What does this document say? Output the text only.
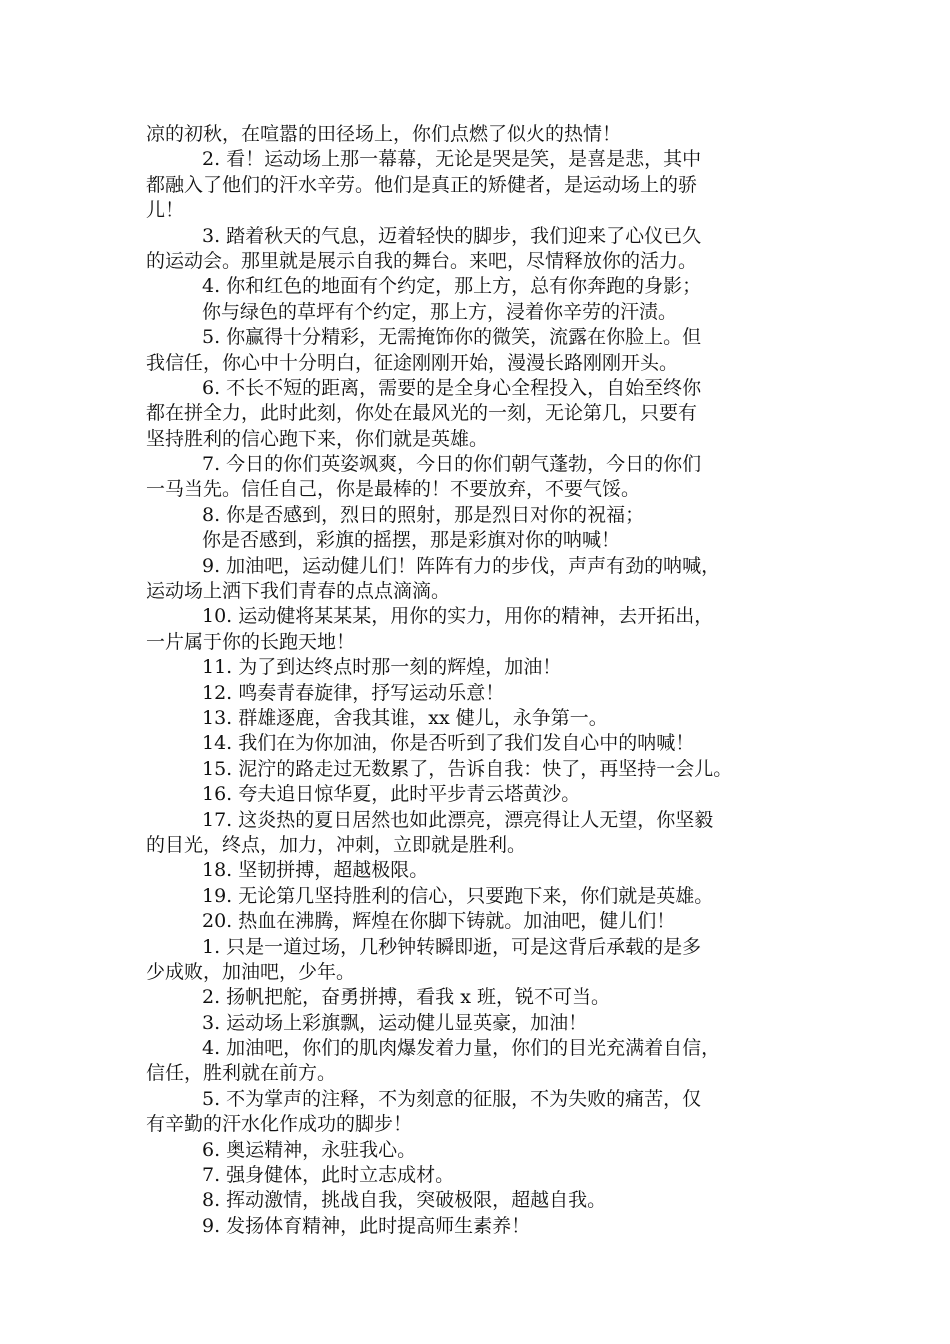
凉的初秋，在喧嚣的田径场上，你们点燃了似火的热情！
2. 看！运动场上那一幕幕，无论是哭是笑，是喜是悲，其中
都融入了他们的汗水辛劳。他们是真正的矫健者，是运动场上的骄
儿！
3. 踏着秋天的气息，迈着轻快的脚步，我们迎来了心仪已久
的运动会。那里就是展示自我的舞台。来吧，尽情释放你的活力。
4. 你和红色的地面有个约定，那上方，总有你奔跑的身影；
你与绿色的草坪有个约定，那上方，浸着你辛劳的汗渍。
5. 你赢得十分精彩，无需掩饰你的微笑，流露在你脸上。但
我信任，你心中十分明白，征途刚刚开始，漫漫长路刚刚开头。
6. 不长不短的距离，需要的是全身心全程投入，自始至终你
都在拼全力，此时此刻，你处在最风光的一刻，无论第几，只要有
坚持胜利的信心跑下来，你们就是英雄。
7. 今日的你们英姿飒爽，今日的你们朝气蓬勃，今日的你们
一马当先。信任自己，你是最棒的！不要放弃，不要气馁。
8. 你是否感到，烈日的照射，那是烈日对你的祝福；
你是否感到，彩旗的摇摆，那是彩旗对你的呐喊！
9. 加油吧，运动健儿们！阵阵有力的步伐，声声有劲的呐喊，
运动场上洒下我们青春的点点滴滴。
10. 运动健将某某某，用你的实力，用你的精神，去开拓出，
一片属于你的长跑天地！
11. 为了到达终点时那一刻的辉煌，加油！
12. 鸣奏青春旋律，抒写运动乐意！
13. 群雄逐鹿，舍我其谁，xx 健儿，永争第一。
14. 我们在为你加油，你是否听到了我们发自心中的呐喊！
15. 泥泞的路走过无数累了，告诉自我：快了，再坚持一会儿。
16. 夸夫追日惊华夏，此时平步青云塔黄沙。
17. 这炎热的夏日居然也如此漂亮，漂亮得让人无望，你坚毅
的目光，终点，加力，冲刺，立即就是胜利。
18. 坚韧拼搏，超越极限。
19. 无论第几坚持胜利的信心，只要跑下来，你们就是英雄。
20. 热血在沸腾，辉煌在你脚下铸就。加油吧，健儿们！
1. 只是一道过场，几秒钟转瞬即逝，可是这背后承载的是多
少成败，加油吧，少年。
2. 扬帆把舵，奋勇拼搏，看我 x 班，锐不可当。
3. 运动场上彩旗飘，运动健儿显英豪，加油！
4. 加油吧，你们的肌肉爆发着力量，你们的目光充满着自信，
信任，胜利就在前方。
5. 不为掌声的注释，不为刻意的征服，不为失败的痛苦，仅
有辛勤的汗水化作成功的脚步！
6. 奥运精神，永驻我心。
7. 强身健体，此时立志成材。
8. 挥动激情，挑战自我，突破极限，超越自我。
9. 发扬体育精神，此时提高师生素养！
